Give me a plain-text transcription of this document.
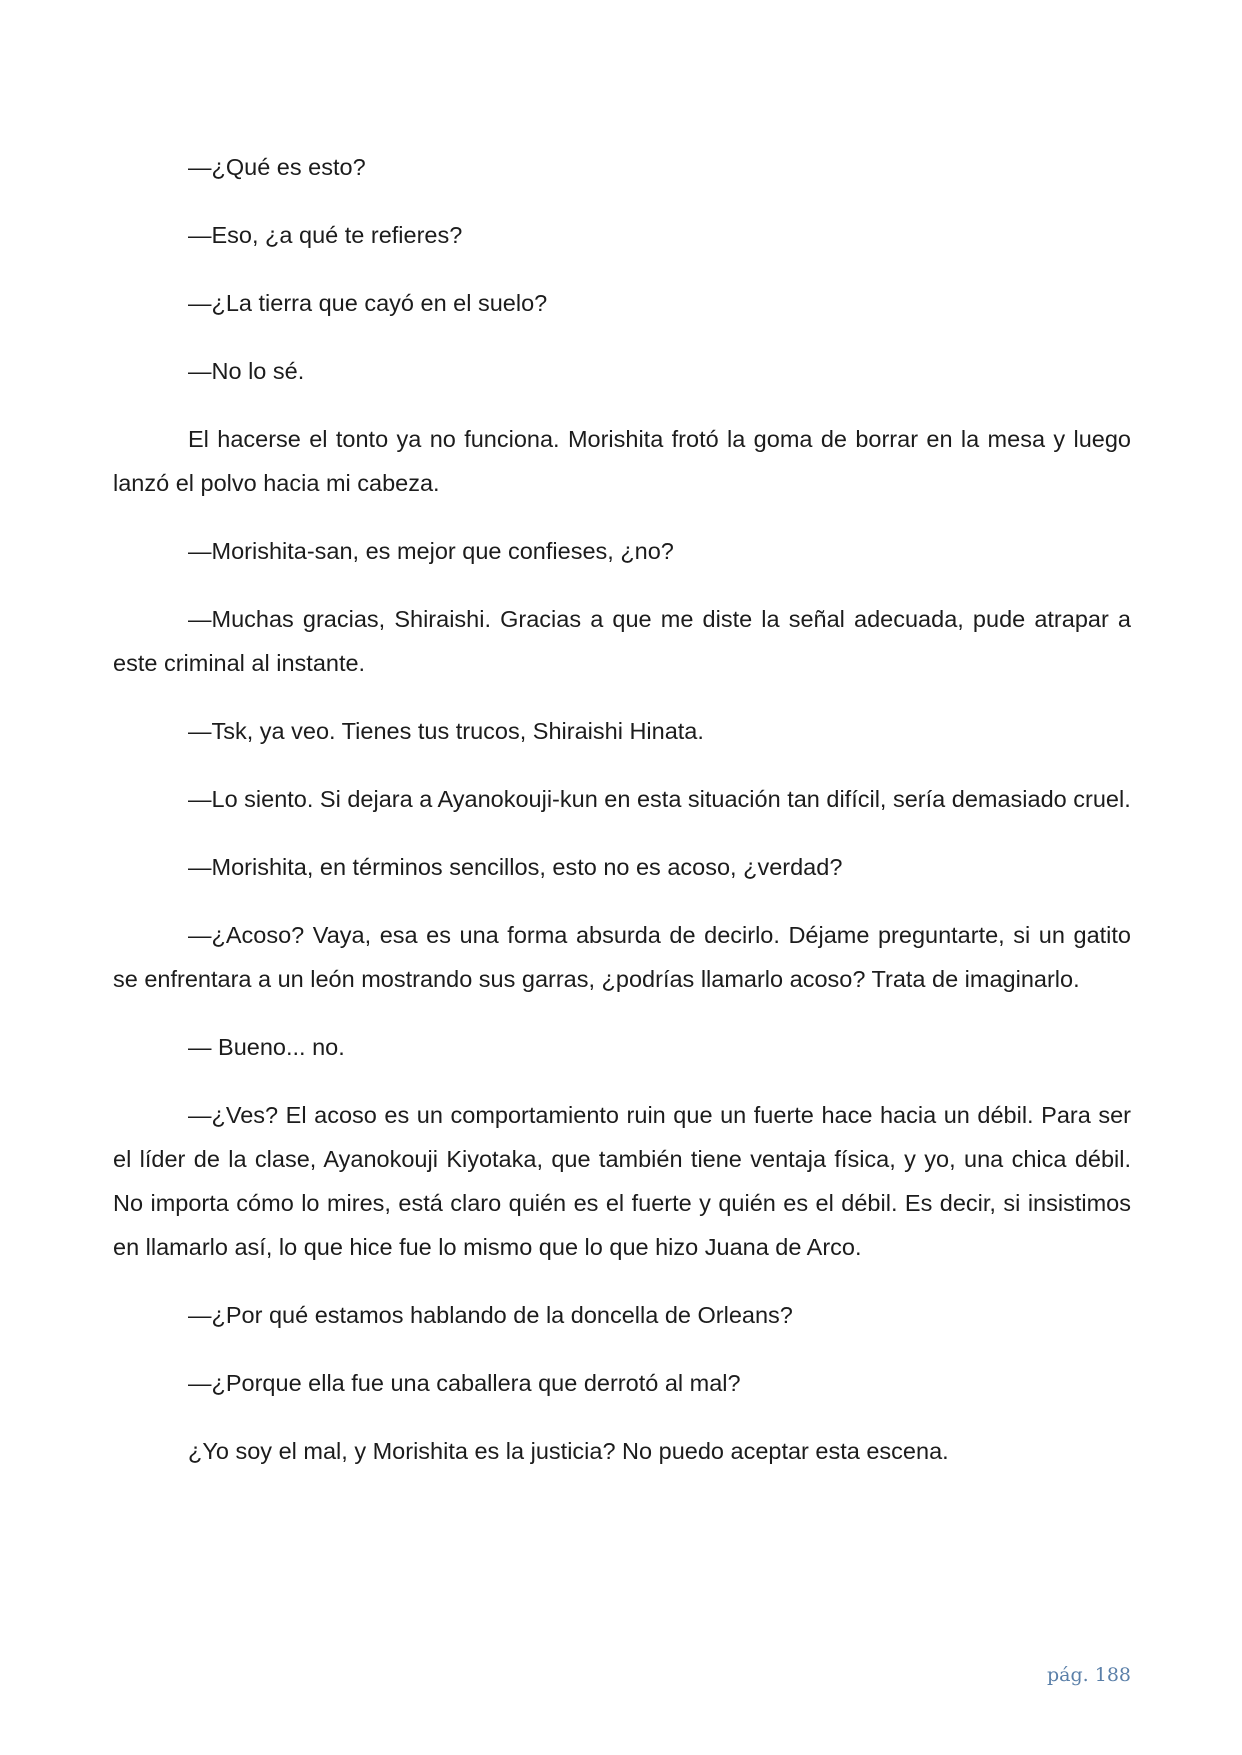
—¿Qué es esto?

—Eso, ¿a qué te refieres?

—¿La tierra que cayó en el suelo?

—No lo sé.

El hacerse el tonto ya no funciona. Morishita frotó la goma de borrar en la mesa y luego lanzó el polvo hacia mi cabeza.

—Morishita-san, es mejor que confieses, ¿no?

—Muchas gracias, Shiraishi. Gracias a que me diste la señal adecuada, pude atrapar a este criminal al instante.

—Tsk, ya veo. Tienes tus trucos, Shiraishi Hinata.

—Lo siento. Si dejara a Ayanokouji-kun en esta situación tan difícil, sería demasiado cruel.

—Morishita, en términos sencillos, esto no es acoso, ¿verdad?

—¿Acoso? Vaya, esa es una forma absurda de decirlo. Déjame preguntarte, si un gatito se enfrentara a un león mostrando sus garras, ¿podrías llamarlo acoso? Trata de imaginarlo.

— Bueno... no.

—¿Ves? El acoso es un comportamiento ruin que un fuerte hace hacia un débil. Para ser el líder de la clase, Ayanokouji Kiyotaka, que también tiene ventaja física, y yo, una chica débil. No importa cómo lo mires, está claro quién es el fuerte y quién es el débil. Es decir, si insistimos en llamarlo así, lo que hice fue lo mismo que lo que hizo Juana de Arco.

—¿Por qué estamos hablando de la doncella de Orleans?

—¿Porque ella fue una caballera que derrotó al mal?

¿Yo soy el mal, y Morishita es la justicia? No puedo aceptar esta escena.

pág. 188
